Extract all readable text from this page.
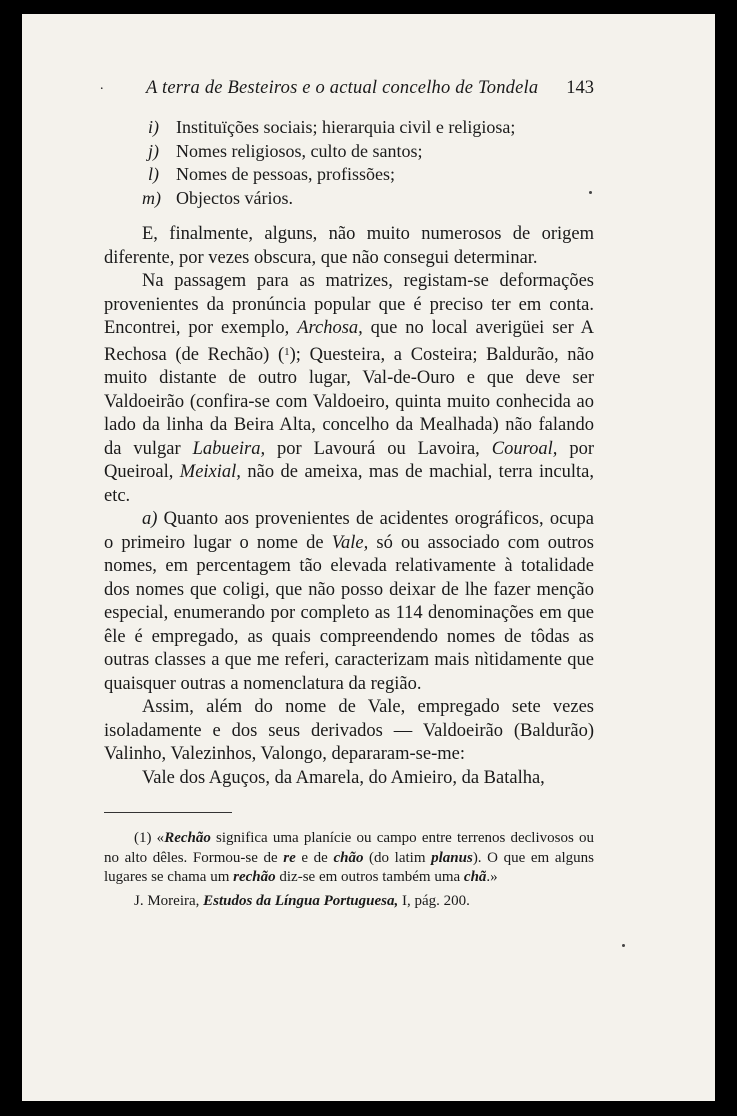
. A terra de Besteiros e o actual concelho de Tondela 143
i) Instituïções sociais; hierarquia civil e religiosa;
j) Nomes religiosos, culto de santos;
l) Nomes de pessoas, profissões;
m) Objectos vários.

E, finalmente, alguns, não muito numerosos de origem diferente, por vezes obscura, que não consegui determinar.

Na passagem para as matrizes, registam-se deformações provenientes da pronúncia popular que é preciso ter em conta. Encontrei, por exemplo, Archosa, que no local averigüei ser A Rechosa (de Rechão) ($^1$); Questeira, a Costeira; Baldurão, não muito distante de outro lugar, Val-de-Ouro e que deve ser Valdoeirão (confira-se com Valdoeiro, quinta muito conhecida ao lado da linha da Beira Alta, concelho da Mealhada) não falando da vulgar Labueira, por Lavourá ou Lavoira, Couroal, por Queiroal, Meixial, não de ameixa, mas de machial, terra inculta, etc.

a) Quanto aos provenientes de acidentes orográficos, ocupa o primeiro lugar o nome de Vale, só ou associado com outros nomes, em percentagem tão elevada relativamente à totalidade dos nomes que coligi, que não posso deixar de lhe fazer menção especial, enumerando por completo as 114 denominações em que êle é empregado, as quais compreendendo nomes de tôdas as outras classes a que me referi, caracterizam mais nìtidamente que quaisquer outras a nomenclatura da região.

Assim, além do nome de Vale, empregado sete vezes isoladamente e dos seus derivados — Valdoeirão (Baldurão) Valinho, Valezinhos, Valongo, depararam-se-me:

Vale dos Aguços, da Amarela, do Amieiro, da Batalha,

(1) «Rechão significa uma planície ou campo entre terrenos declivosos ou no alto dêles. Formou-se de re e de chão (do latim planus). O que em alguns lugares se chama um rechão diz-se em outros também uma chã.»

J. Moreira, Estudos da Língua Portuguesa, I, pág. 200.
